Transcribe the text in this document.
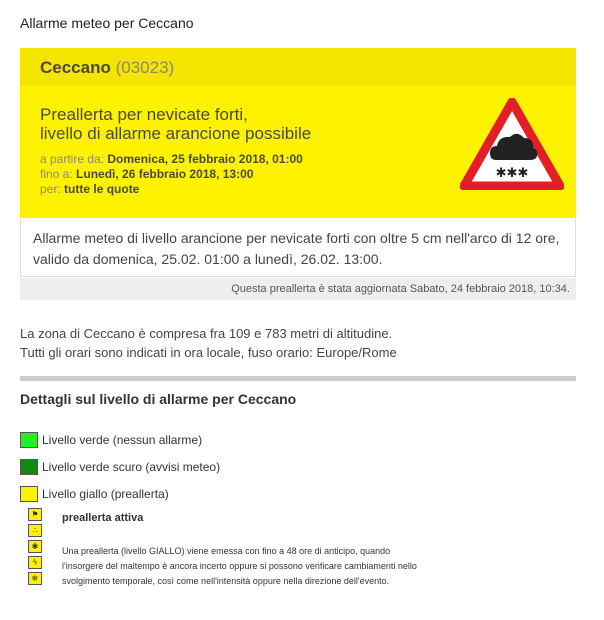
Allarme meteo per Ceccano
Ceccano (03023)
Preallerta per nevicate forti,
livello di allarme arancione possibile
a partire da: Domenica, 25 febbraio 2018, 01:00
fino a: Lunedì, 26 febbraio 2018, 13:00
per: tutte le quote
✱✱✱
Allarme meteo di livello arancione per nevicate forti con oltre 5 cm nell'arco di 12 ore, valido da domenica, 25.02. 01:00 a lunedì, 26.02. 13:00.
Questa preallerta è stata aggiornata Sabato, 24 febbraio 2018, 10:34.
La zona di Ceccano è compresa fra 109 e 783 metri di altitudine.
Tutti gli orari sono indicati in ora locale, fuso orario: Europe/Rome
Dettagli sul livello di allarme per Ceccano
Livello verde (nessun allarme)
Livello verde scuro (avvisi meteo)
Livello giallo (preallerta)
⚑
∴
✱
ϟ
❄
preallerta attiva
Una preallerta (livello GIALLO) viene emessa con fino a 48 ore di anticipo, quando l'insorgere del maltempo è ancora incerto oppure si possono verificare cambiamenti nello svolgimento temporale, così come nell'intensità oppure nella direzione dell'evento.
